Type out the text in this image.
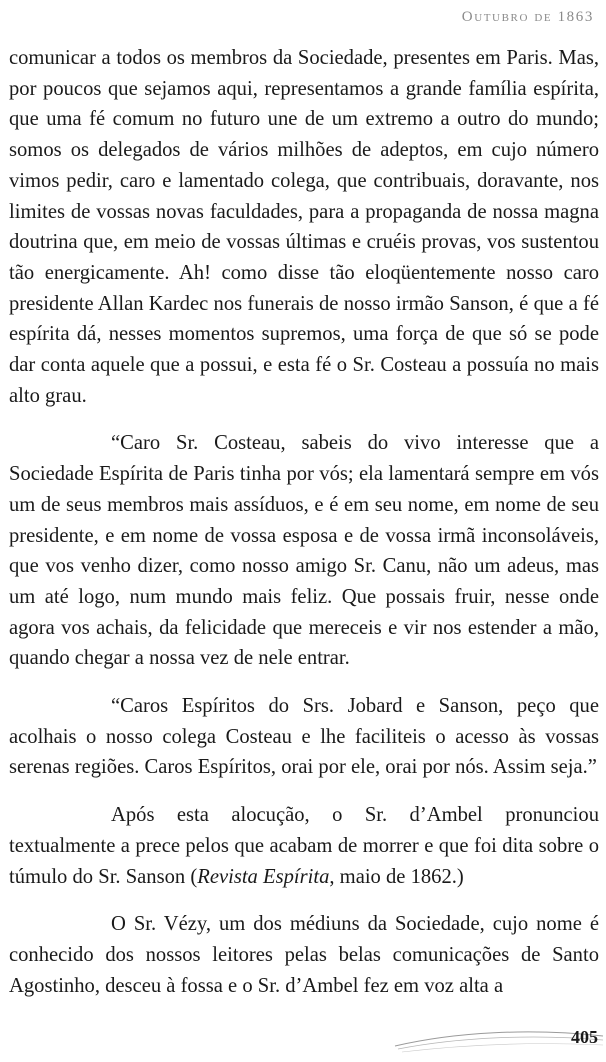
Outubro de 1863

comunicar a todos os membros da Sociedade, presentes em Paris. Mas, por poucos que sejamos aqui, representamos a grande família espírita, que uma fé comum no futuro une de um extremo a outro do mundo; somos os delegados de vários milhões de adeptos, em cujo número vimos pedir, caro e lamentado colega, que contribuais, doravante, nos limites de vossas novas faculdades, para a propaganda de nossa magna doutrina que, em meio de vossas últimas e cruéis provas, vos sustentou tão energicamente. Ah! como disse tão eloqüentemente nosso caro presidente Allan Kardec nos funerais de nosso irmão Sanson, é que a fé espírita dá, nesses momentos supremos, uma força de que só se pode dar conta aquele que a possui, e esta fé o Sr. Costeau a possuía no mais alto grau.

“Caro Sr. Costeau, sabeis do vivo interesse que a Sociedade Espírita de Paris tinha por vós; ela lamentará sempre em vós um de seus membros mais assíduos, e é em seu nome, em nome de seu presidente, e em nome de vossa esposa e de vossa irmã inconsoláveis, que vos venho dizer, como nosso amigo Sr. Canu, não um adeus, mas um até logo, num mundo mais feliz. Que possais fruir, nesse onde agora vos achais, da felicidade que mereceis e vir nos estender a mão, quando chegar a nossa vez de nele entrar.

“Caros Espíritos do Srs. Jobard e Sanson, peço que acolhais o nosso colega Costeau e lhe faciliteis o acesso às vossas serenas regiões. Caros Espíritos, orai por ele, orai por nós. Assim seja.”

Após esta alocução, o Sr. d’Ambel pronunciou textualmente a prece pelos que acabam de morrer e que foi dita sobre o túmulo do Sr. Sanson (Revista Espírita, maio de 1862.)

O Sr. Vézy, um dos médiuns da Sociedade, cujo nome é conhecido dos nossos leitores pelas belas comunicações de Santo Agostinho, desceu à fossa e o Sr. d’Ambel fez em voz alta a

405
